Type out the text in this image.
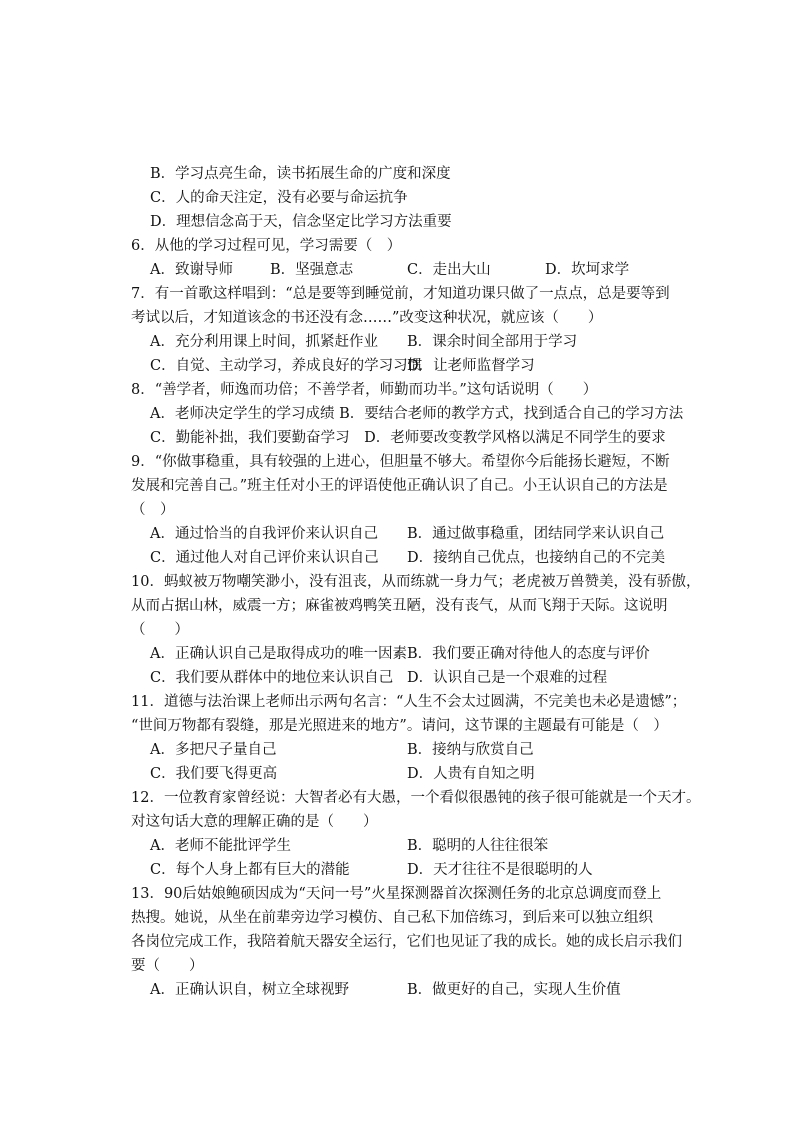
B．学习点亮生命，读书拓展生命的广度和深度
C．人的命天注定，没有必要与命运抗争
D．理想信念高于天，信念坚定比学习方法重要
6．从他的学习过程可见，学习需要（　）
A．致谢导师	B．坚强意志	C．走出大山	D．坎坷求学
7．有一首歌这样唱到：“总是要等到睡觉前，才知道功课只做了一点点，总是要等到
考试以后，才知道该念的书还没有念……”改变这种状况，就应该（　　）
A．充分利用课上时间，抓紧赶作业 B．课余时间全部用于学习
C．自觉、主动学习，养成良好的学习习惯
D．让老师监督学习
8．“善学者，师逸而功倍；不善学者，师勤而功半。”这句话说明（　　）
A．老师决定学生的学习成绩 B．要结合老师的教学方式，找到适合自己的学习方法
C．勤能补拙，我们要勤奋学习　D．老师要改变教学风格以满足不同学生的要求
9．“你做事稳重，具有较强的上进心，但胆量不够大。希望你今后能扬长避短，不断
发展和完善自己。”班主任对小王的评语使他正确认识了自己。小王认识自己的方法是
（　）
A．通过恰当的自我评价来认识自己 B．通过做事稳重，团结同学来认识自己
C．通过他人对自己评价来认识自己 D．接纳自己优点，也接纳自己的不完美
10．蚂蚁被万物嘲笑渺小，没有沮丧，从而练就一身力气；老虎被万兽赞美，没有骄傲，
从而占据山林，威震一方；麻雀被鸡鸭笑丑陋，没有丧气，从而飞翔于天际。这说明
（　　）
A．正确认识自己是取得成功的唯一因素 B．我们要正确对待他人的态度与评价
C．我们要从群体中的地位来认识自己 D．认识自己是一个艰难的过程
11．道德与法治课上老师出示两句名言：“人生不会太过圆满，不完美也未必是遗憾”；
“世间万物都有裂缝，那是光照进来的地方”。请问，这节课的主题最有可能是（　）
A．多把尺子量自己	B．接纳与欣赏自己
C．我们要飞得更高	D．人贵有自知之明
12．一位教育家曾经说：大智者必有大愚，一个看似很愚钝的孩子很可能就是一个天才。
对这句话大意的理解正确的是（　　）
A．老师不能批评学生	B．聪明的人往往很笨
C．每个人身上都有巨大的潜能	D．天才往往不是很聪明的人
13．90后姑娘鲍硕因成为“天问一号”火星探测器首次探测任务的北京总调度而登上
热搜。她说，从坐在前辈旁边学习模仿、自己私下加倍练习，到后来可以独立组织
各岗位完成工作，我陪着航天器安全运行，它们也见证了我的成长。她的成长启示我们
要（　　）
A．正确认识自，树立全球视野	B．做更好的自己，实现人生价值
